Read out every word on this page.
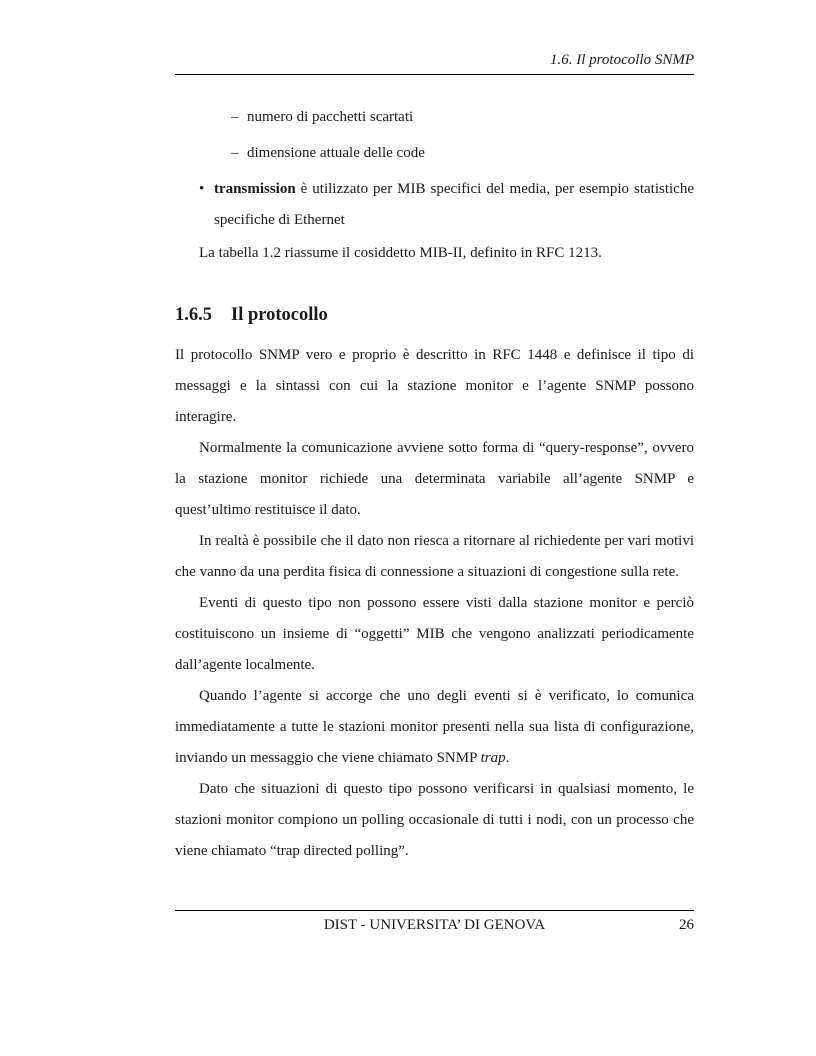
1.6. Il protocollo SNMP
– numero di pacchetti scartati
– dimensione attuale delle code
• transmission è utilizzato per MIB specifici del media, per esempio statistiche specifiche di Ethernet

La tabella 1.2 riassume il cosiddetto MIB-II, definito in RFC 1213.

1.6.5 Il protocollo

Il protocollo SNMP vero e proprio è descritto in RFC 1448 e definisce il tipo di messaggi e la sintassi con cui la stazione monitor e l’agente SNMP possono interagire.

Normalmente la comunicazione avviene sotto forma di “query-response”, ovvero la stazione monitor richiede una determinata variabile all’agente SNMP e quest’ultimo restituisce il dato.

In realtà è possibile che il dato non riesca a ritornare al richiedente per vari motivi che vanno da una perdita fisica di connessione a situazioni di congestione sulla rete.

Eventi di questo tipo non possono essere visti dalla stazione monitor e perciò costituiscono un insieme di “oggetti” MIB che vengono analizzati periodicamente dall’agente localmente.

Quando l’agente si accorge che uno degli eventi si è verificato, lo comunica immediatamente a tutte le stazioni monitor presenti nella sua lista di configurazione, inviando un messaggio che viene chiamato SNMP trap.

Dato che situazioni di questo tipo possono verificarsi in qualsiasi momento, le stazioni monitor compiono un polling occasionale di tutti i nodi, con un processo che viene chiamato “trap directed polling”.

DIST - UNIVERSITA’ DI GENOVA	26
